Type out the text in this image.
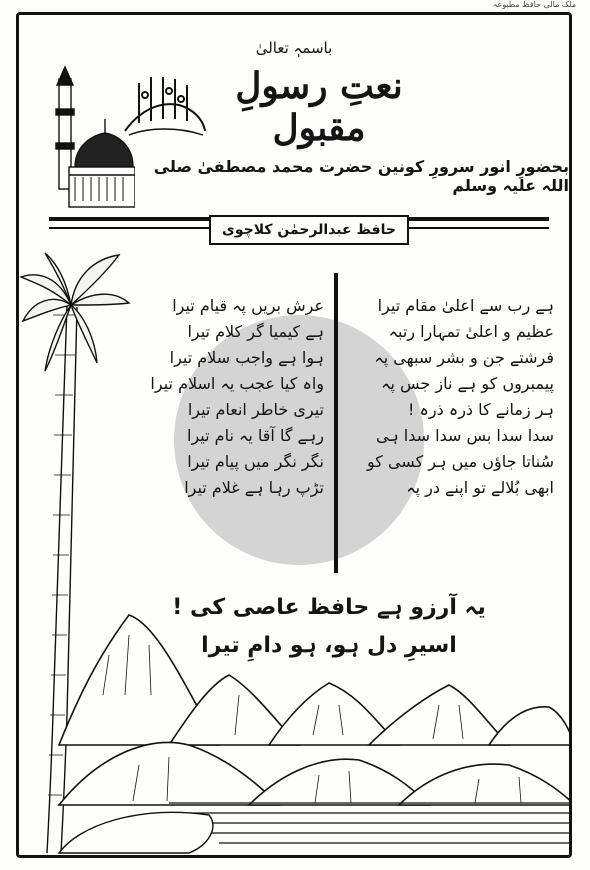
ملک مالی حافظ مطبوعہ
باسمہٖ تعالیٰ
نعتِ رسولِ مقبول
بحضورِ انور سرورِ کونین حضرت محمد مصطفیٰ صلی اللہ علیہ وسلم
حافظ عبدالرحمٰن کلاچوی
ہے رب سے اعلیٰ مقام تیرا
عظیم و اعلیٰ تمہارا رتبہ
فرشتے جن و بشر سبھی پہ
پیمبروں کو ہے ناز جس پہ
ہر زمانے کا ذرہ ذرہ !
سدا سدا بس سدا سدا ہی
سُناتا جاؤں میں ہر کسی کو
ابھی بُلالے تو اپنے در پہ
عرش بریں پہ قیام تیرا
ہے کیمیا گر کلام تیرا
ہوا ہے واجب سلام تیرا
واہ کیا عجب یہ اسلام تیرا
تیری خاطر انعام تیرا
رہے گا آقا یہ نام تیرا
نگر نگر میں پیام تیرا
تڑپ رہا ہے غلام تیرا
یہ آرزو ہے حافظ عاصی کی !
اسیرِ دل ہو، ہو دامِ تیرا
